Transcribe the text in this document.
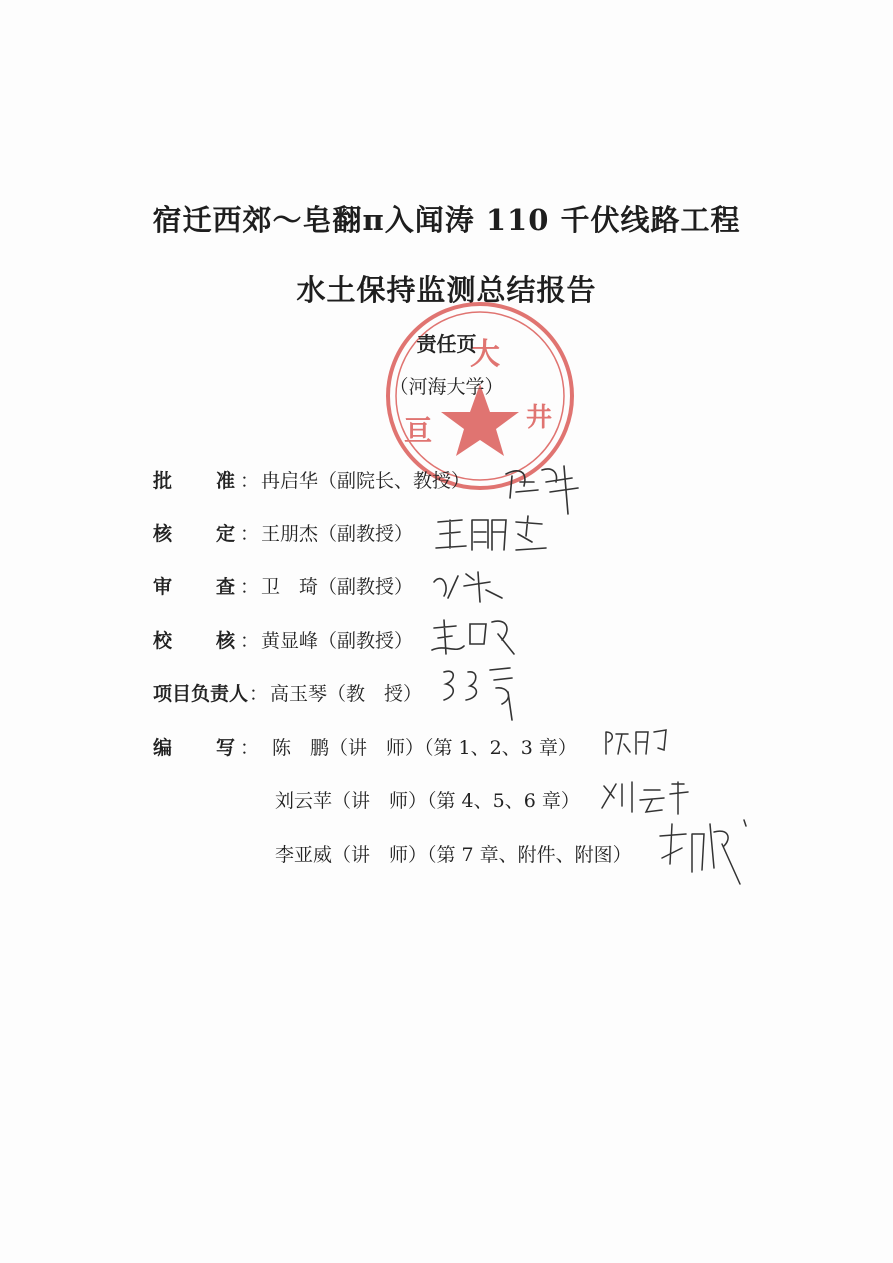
宿迁西郊～皂翻π入闻涛 110 千伏线路工程
水土保持监测总结报告
大
亘	井
责任页
（河海大学）
批 准 ： 冉启华（副院长、教授）
核 定 ： 王朋杰（副教授）
审 查 ： 卫　琦（副教授）
校 核 ： 黄显峰（副教授）
项目负责人 ： 高玉琴（教　授）
编 写 ： 陈　鹏（讲　师）（第 1、2、3 章）
刘云苹（讲　师）（第 4、5、6 章）
李亚威（讲　师）（第 7 章、附件、附图）
